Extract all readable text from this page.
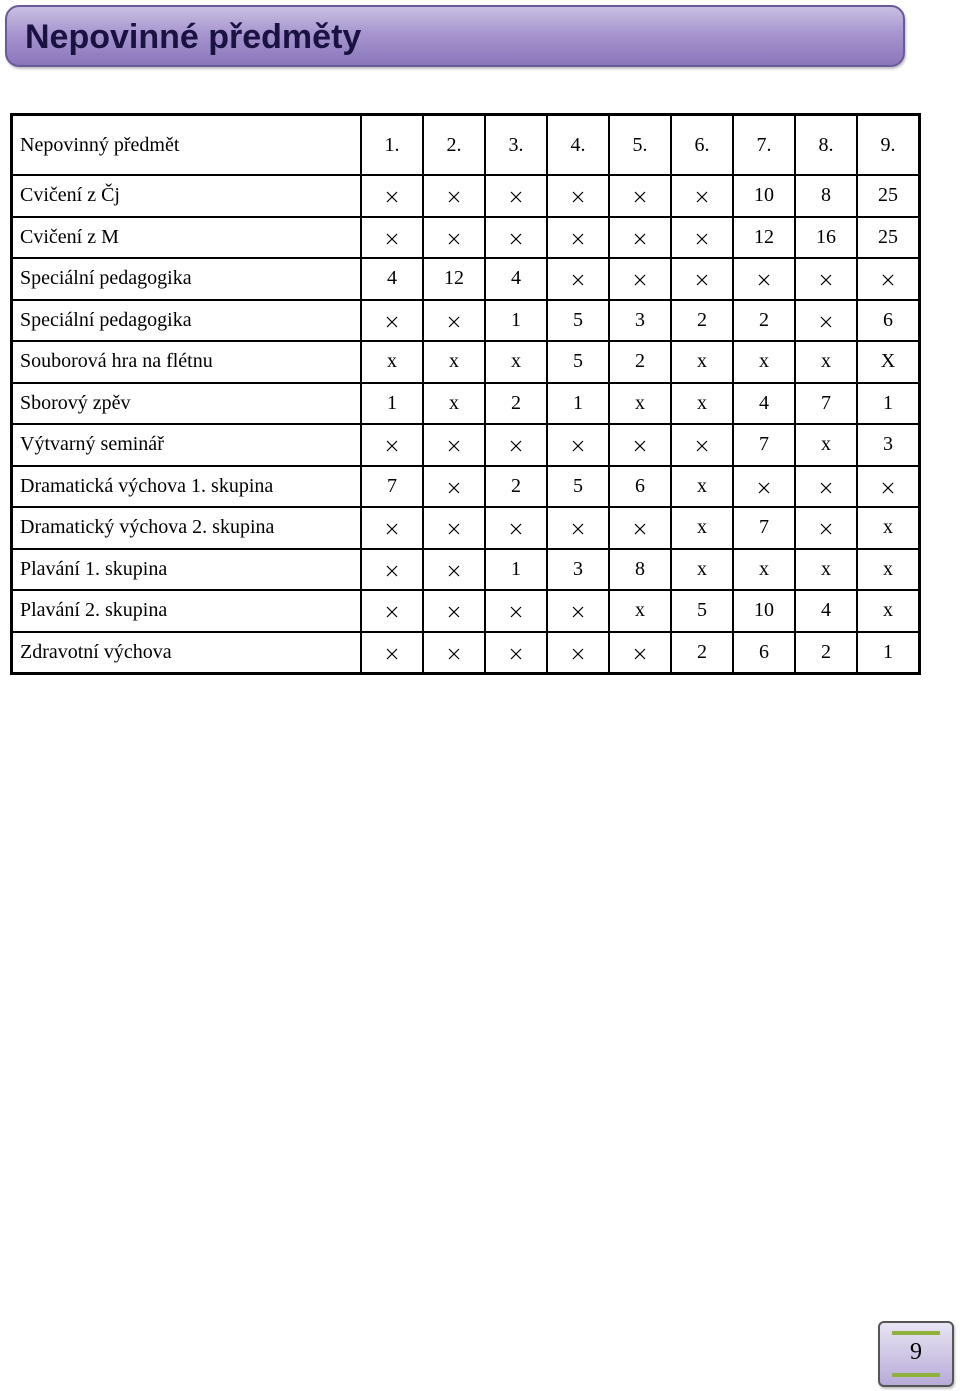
Nepovinné předměty
Nepovinný předmět	1.	2.	3.	4.	5.	6.	7.	8.	9.
Cvičení z Čj							10	8	25
Cvičení z M							12	16	25
Speciální pedagogika	4	12	4						
Speciální pedagogika			1	5	3	2	2		6
Souborová hra na flétnu	x	x	x	5	2	x	x	x	X
Sborový zpěv	1	x	2	1	x	x	4	7	1
Výtvarný seminář							7	x	3
Dramatická výchova 1. skupina	7		2	5	6	x			
Dramatický výchova 2. skupina						x	7		x
Plavání 1. skupina			1	3	8	x	x	x	x
Plavání 2. skupina					x	5	10	4	x
Zdravotní výchova						2	6	2	1
9
